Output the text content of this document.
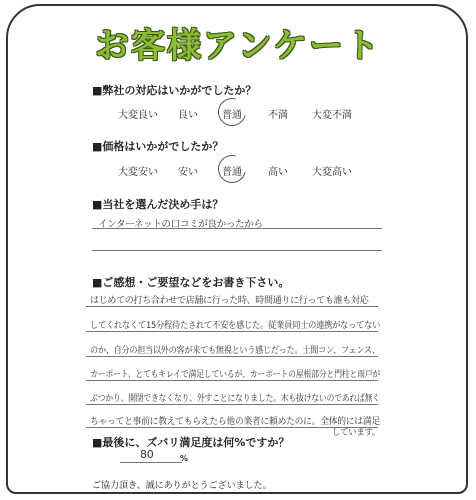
お客様アンケート
■弊社の対応はいかがでしたか？
大変良い 良い 普通	不満 大変不満
■価格はいかがでしたか？
大変安い 安い 普通	高い 大変高い
■当社を選んだ決め手は？
インターネットの口コミが良かったから
■ご感想・ご要望などをお書き下さい。
はじめての打ち合わせで店舗に行った時、時間通りに行っても誰も対応
してくれなくて15分程待たされて不安を感じた。従業員同士の連携がなってない
のか、自分の担当以外の客が来ても無視という感じだった。土間コン、フェンス、
カーポート、とてもキレイで満足しているが、カーポートの屋根部分と門柱と雨戸が
ぶつかり、開閉できなくなり、外すことになりました。木も抜けないのであれば無く
ちゃってと事前に教えてもらえたら他の業者に頼めたのに。全体的には満足
しています。
■最後に、ズバリ満足度は何%ですか？
80	%
ご協力頂き、誠にありがとうございました。
